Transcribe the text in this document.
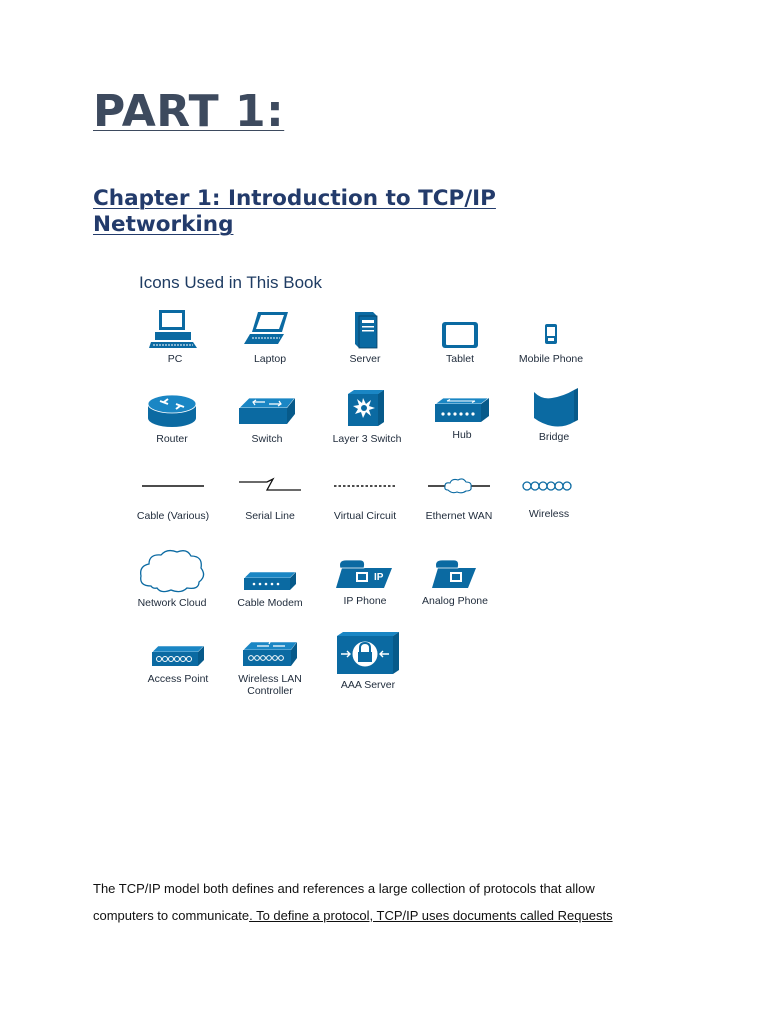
PART 1:
Chapter 1: Introduction to TCP/IP Networking

Icons Used in This Book

PC	Laptop	Server	Tablet	Mobile Phone
Router	Switch	Layer 3 Switch	Hub	Bridge
Cable (Various)	Serial Line	Virtual Circuit	Ethernet WAN	Wireless
Network Cloud	Cable Modem
IP
IP Phone	Analog Phone
Access Point	Wireless LAN Controller	AAA Server

The TCP/IP model both defines and references a large collection of protocols that allow

computers to communicate. To define a protocol, TCP/IP uses documents called Requests
